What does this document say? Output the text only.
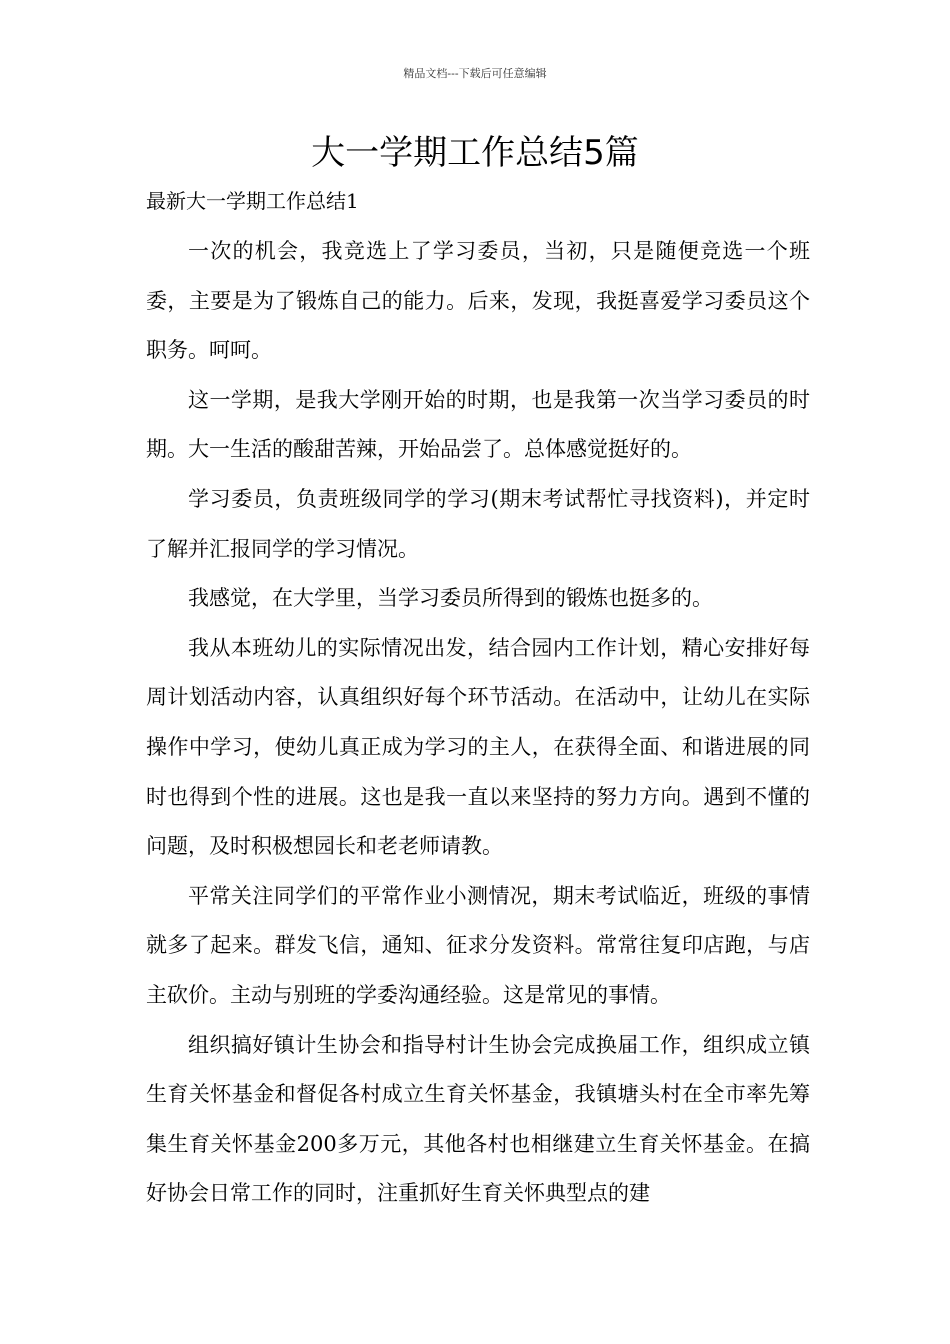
精品文档---下载后可任意编辑
大一学期工作总结5篇
最新大一学期工作总结1

一次的机会，我竞选上了学习委员，当初，只是随便竞选一个班委，主要是为了锻炼自己的能力。后来，发现，我挺喜爱学习委员这个职务。呵呵。

这一学期，是我大学刚开始的时期，也是我第一次当学习委员的时期。大一生活的酸甜苦辣，开始品尝了。总体感觉挺好的。

学习委员，负责班级同学的学习(期末考试帮忙寻找资料)，并定时了解并汇报同学的学习情况。

我感觉，在大学里，当学习委员所得到的锻炼也挺多的。

我从本班幼儿的实际情况出发，结合园内工作计划，精心安排好每周计划活动内容，认真组织好每个环节活动。在活动中，让幼儿在实际操作中学习，使幼儿真正成为学习的主人，在获得全面、和谐进展的同时也得到个性的进展。这也是我一直以来坚持的努力方向。遇到不懂的问题，及时积极想园长和老老师请教。

平常关注同学们的平常作业小测情况，期末考试临近，班级的事情就多了起来。群发飞信，通知、征求分发资料。常常往复印店跑，与店主砍价。主动与别班的学委沟通经验。这是常见的事情。

组织搞好镇计生协会和指导村计生协会完成换届工作，组织成立镇生育关怀基金和督促各村成立生育关怀基金，我镇塘头村在全市率先筹集生育关怀基金200多万元，其他各村也相继建立生育关怀基金。在搞好协会日常工作的同时，注重抓好生育关怀典型点的建
